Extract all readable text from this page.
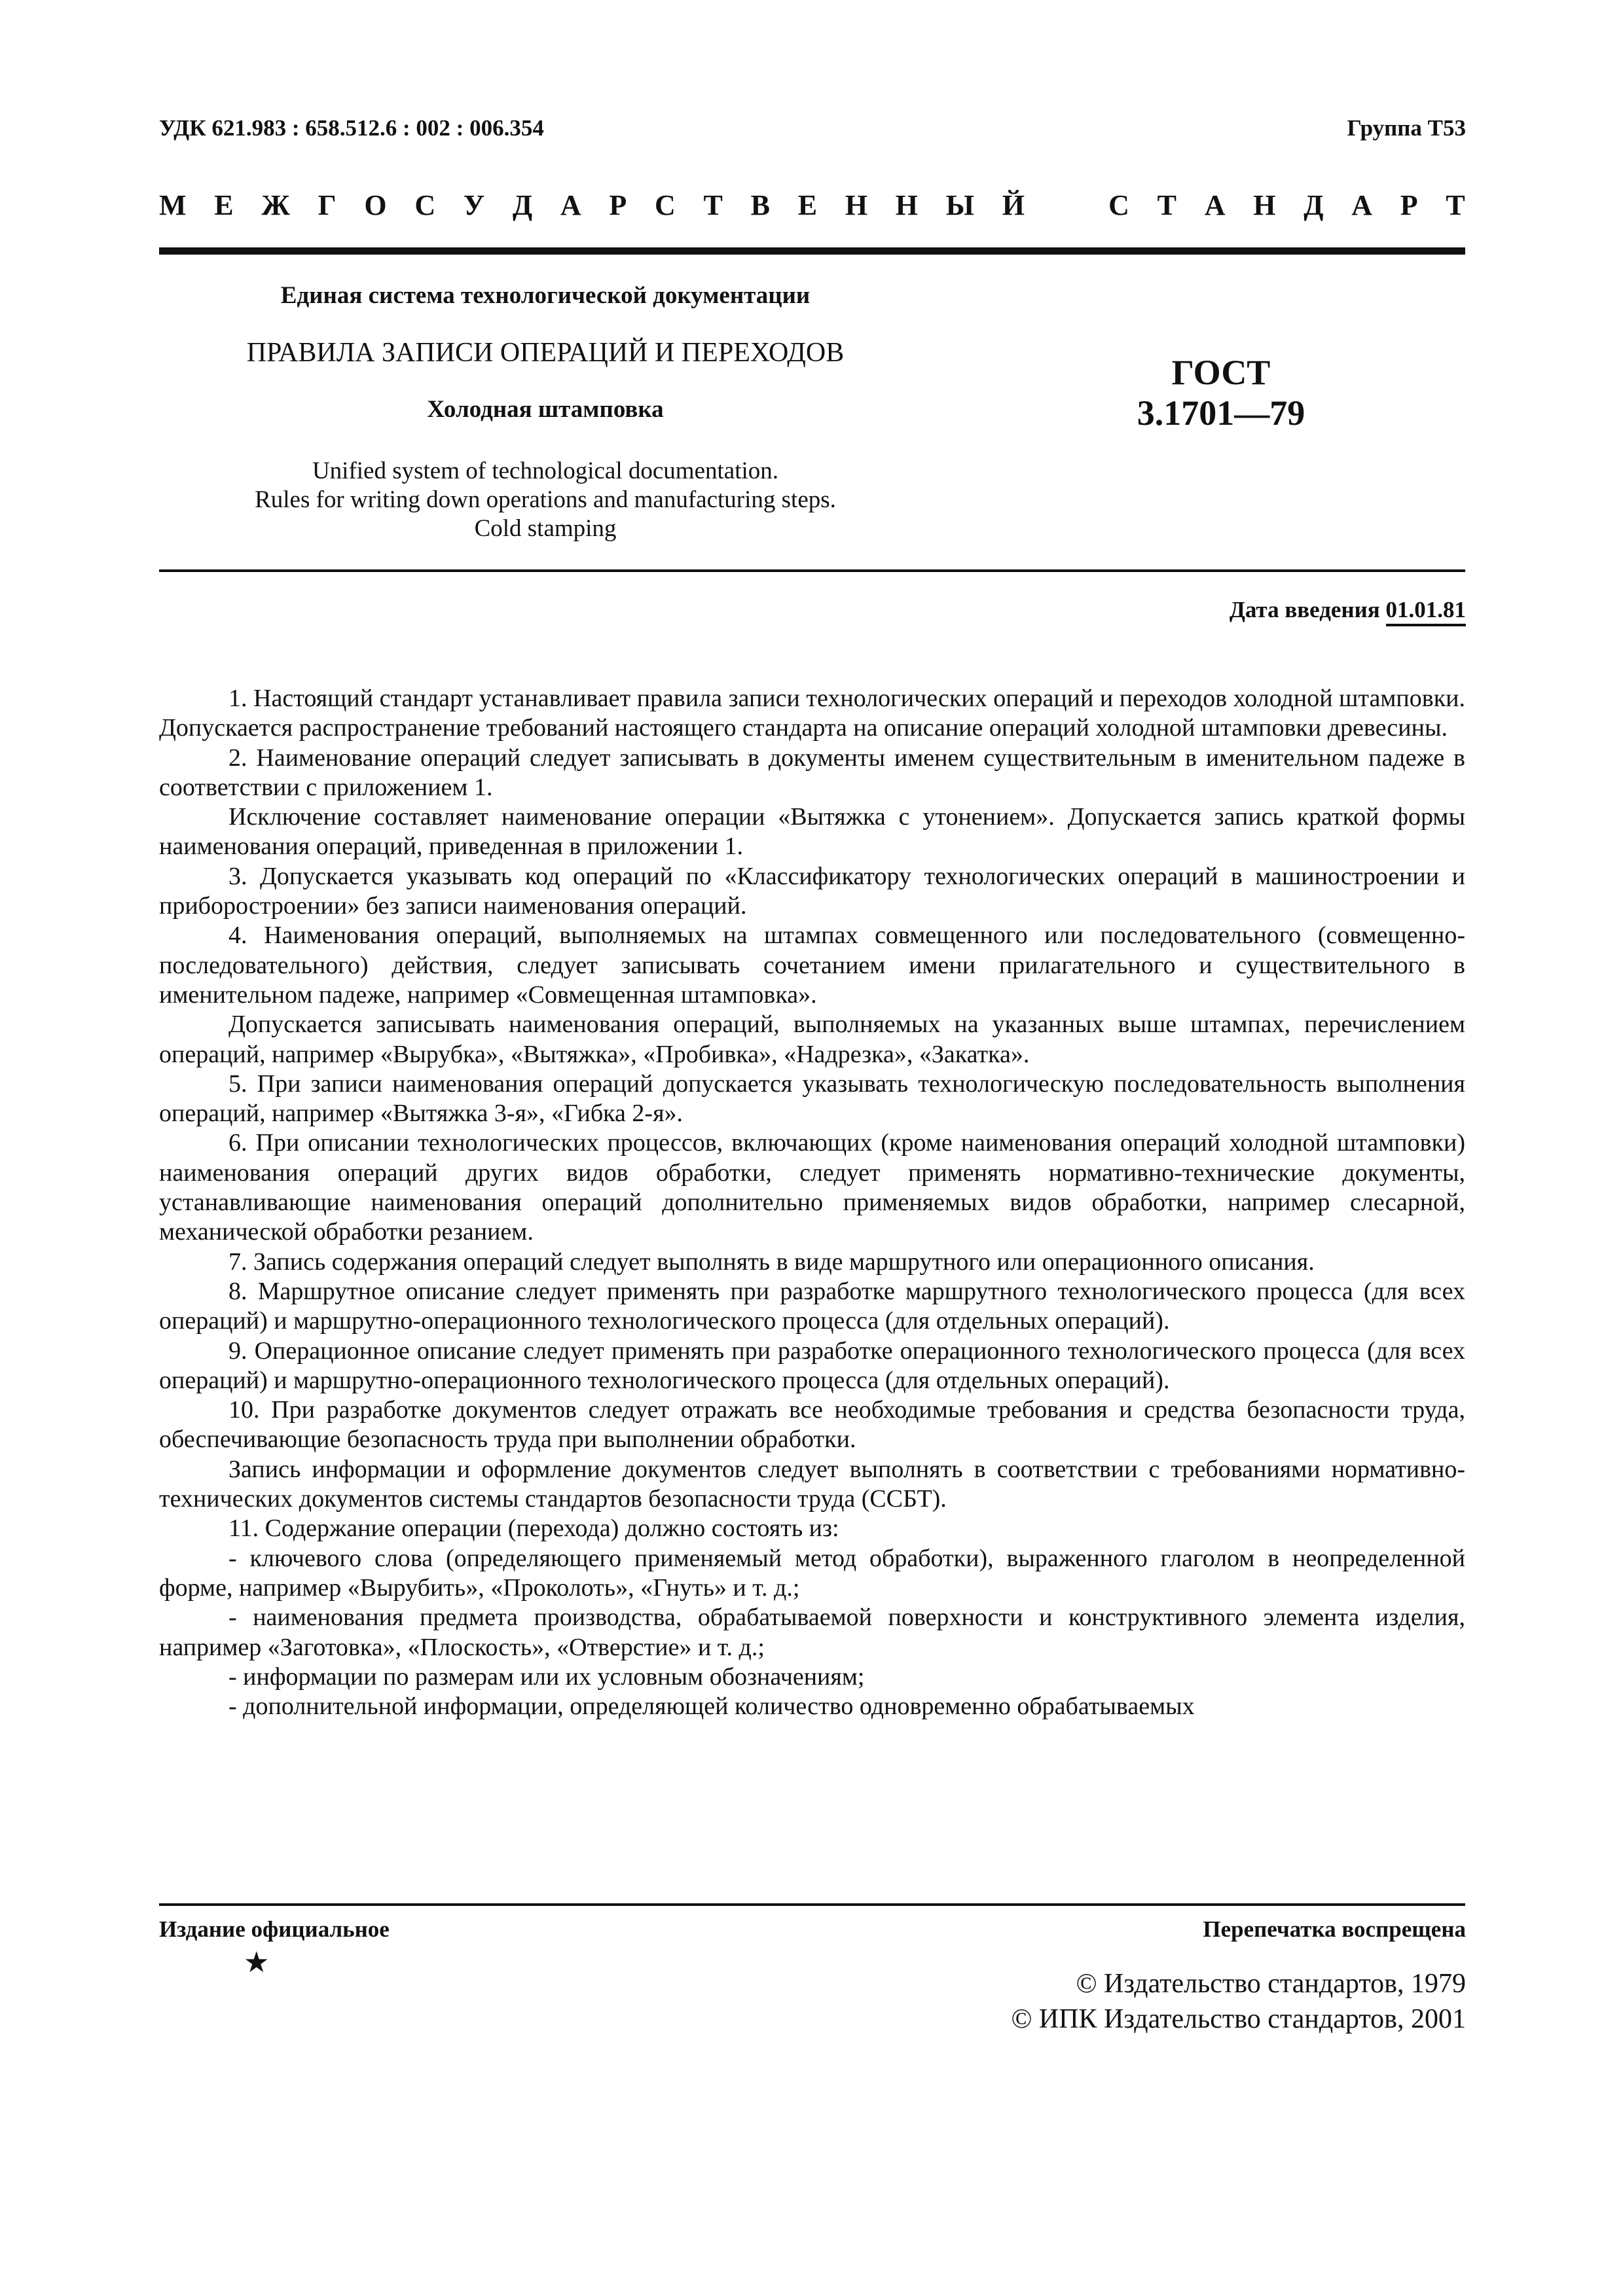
УДК 621.983 : 658.512.6 : 002 : 006.354	Группа Т53
М Е Ж Г О С У Д А Р С Т В Е Н Н Ы Й	С Т А Н Д А Р Т
Единая система технологической документации
ПРАВИЛА ЗАПИСИ ОПЕРАЦИЙ И ПЕРЕХОДОВ
Холодная штамповка
Unified system of technological documentation.
Rules for writing down operations and manufacturing steps.
Cold stamping
ГОСТ
3.1701—79
Дата введения 01.01.81

1. Настоящий стандарт устанавливает правила записи технологических операций и переходов холодной штамповки. Допускается распространение требований настоящего стандарта на описание операций холодной штамповки древесины.

2. Наименование операций следует записывать в документы именем существительным в именительном падеже в соответствии с приложением 1.

Исключение составляет наименование операции «Вытяжка с утонением». Допускается запись краткой формы наименования операций, приведенная в приложении 1.

3. Допускается указывать код операций по «Классификатору технологических операций в машиностроении и приборостроении» без записи наименования операций.

4. Наименования операций, выполняемых на штампах совмещенного или последовательного (совмещенно-последовательного) действия, следует записывать сочетанием имени прилагательного и существительного в именительном падеже, например «Совмещенная штамповка».

Допускается записывать наименования операций, выполняемых на указанных выше штампах, перечислением операций, например «Вырубка», «Вытяжка», «Пробивка», «Надрезка», «Закатка».

5. При записи наименования операций допускается указывать технологическую последовательность выполнения операций, например «Вытяжка 3-я», «Гибка 2-я».

6. При описании технологических процессов, включающих (кроме наименования операций холодной штамповки) наименования операций других видов обработки, следует применять нормативно-технические документы, устанавливающие наименования операций дополнительно применяемых видов обработки, например слесарной, механической обработки резанием.

7. Запись содержания операций следует выполнять в виде маршрутного или операционного описания.

8. Маршрутное описание следует применять при разработке маршрутного технологического процесса (для всех операций) и маршрутно-операционного технологического процесса (для отдельных операций).

9. Операционное описание следует применять при разработке операционного технологического процесса (для всех операций) и маршрутно-операционного технологического процесса (для отдельных операций).

10. При разработке документов следует отражать все необходимые требования и средства безопасности труда, обеспечивающие безопасность труда при выполнении обработки.

Запись информации и оформление документов следует выполнять в соответствии с требованиями нормативно-технических документов системы стандартов безопасности труда (ССБТ).

11. Содержание операции (перехода) должно состоять из:

- ключевого слова (определяющего применяемый метод обработки), выраженного глаголом в неопределенной форме, например «Вырубить», «Проколоть», «Гнуть» и т. д.;

- наименования предмета производства, обрабатываемой поверхности и конструктивного элемента изделия, например «Заготовка», «Плоскость», «Отверстие» и т. д.;

- информации по размерам или их условным обозначениям;

- дополнительной информации, определяющей количество одновременно обрабатываемых

Издание официальное
★
Перепечатка воспрещена
© Издательство стандартов, 1979
© ИПК Издательство стандартов, 2001
